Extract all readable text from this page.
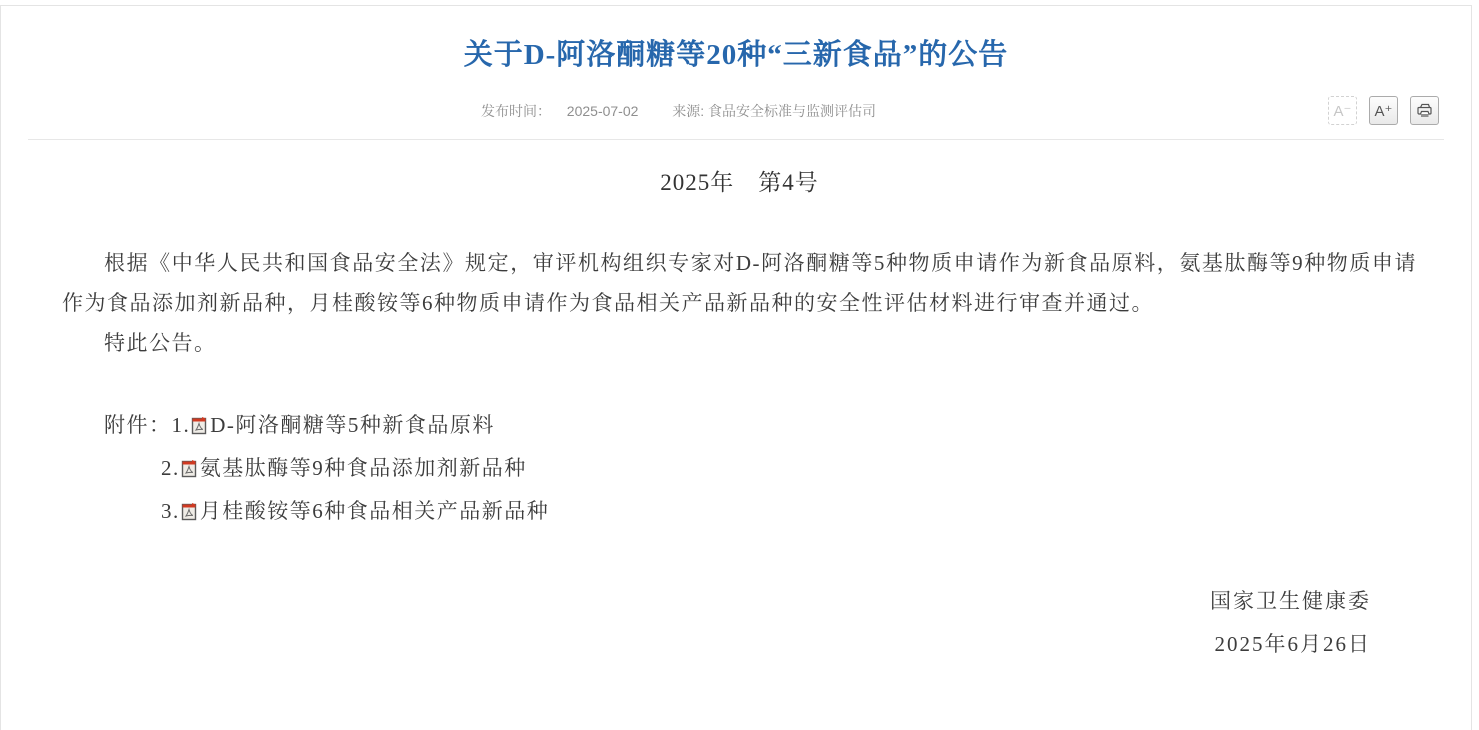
关于D-阿洛酮糖等20种“三新食品”的公告
发布时间： 2025-07-02 来源: 食品安全标准与监测评估司	A⁻	A⁺
2025年　第4号

根据《中华人民共和国食品安全法》规定，审评机构组织专家对D-阿洛酮糖等5种物质申请作为新食品原料，氨基肽酶等9种物质申请作为食品添加剂新品种，月桂酸铵等6种物质申请作为食品相关产品新品种的安全性评估材料进行审查并通过。

特此公告。

附件：1. D-阿洛酮糖等5种新食品原料
2. 氨基肽酶等9种食品添加剂新品种
3. 月桂酸铵等6种食品相关产品新品种
国家卫生健康委
2025年6月26日
